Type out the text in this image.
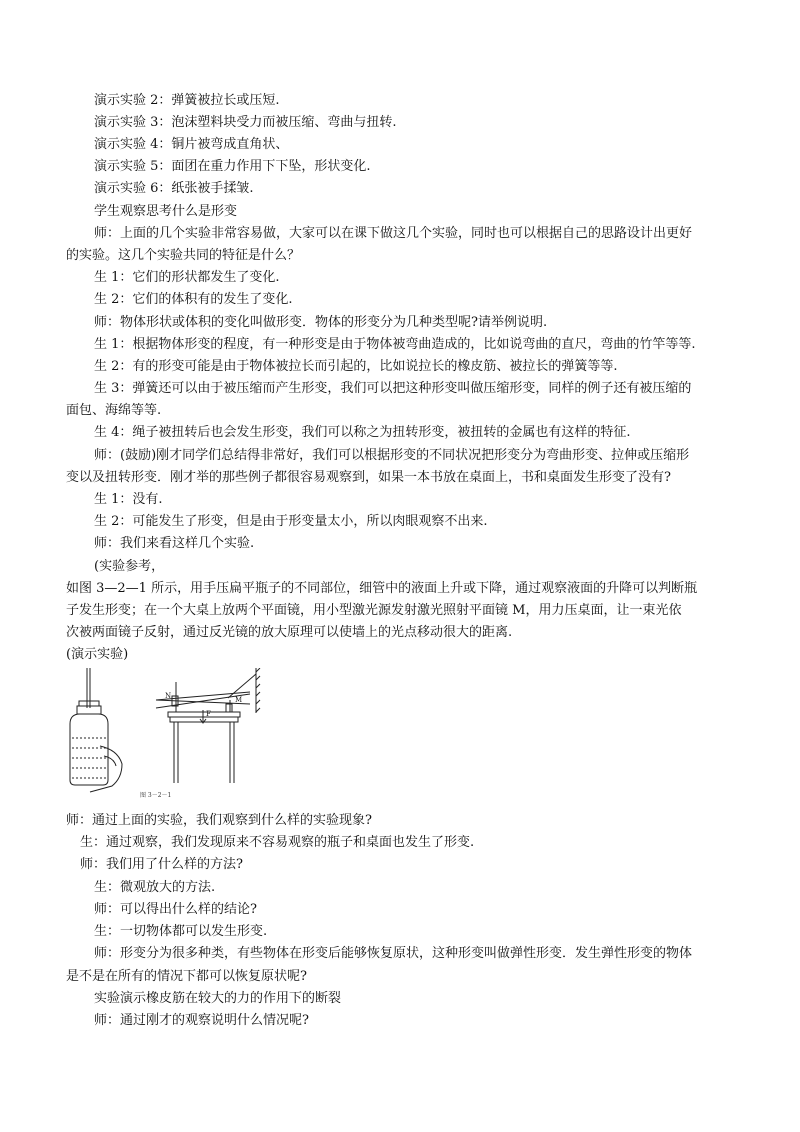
演示实验 2：弹簧被拉长或压短.
演示实验 3：泡沫塑料块受力而被压缩、弯曲与扭转.
演示实验 4：铜片被弯成直角状、
演示实验 5：面团在重力作用下下坠，形状变化.
演示实验 6：纸张被手揉皱.
学生观察思考什么是形变
师：上面的几个实验非常容易做，大家可以在课下做这几个实验，同时也可以根据自己的思路设计出更好
的实验。这几个实验共同的特征是什么？
生 1：它们的形状都发生了变化.
生 2：它们的体积有的发生了变化.
师：物体形状或体积的变化叫做形变．物体的形变分为几种类型呢?请举例说明.
生 1：根据物体形变的程度，有一种形变是由于物体被弯曲造成的，比如说弯曲的直尺，弯曲的竹竿等等.
生 2：有的形变可能是由于物体被拉长而引起的，比如说拉长的橡皮筋、被拉长的弹簧等等.
生 3：弹簧还可以由于被压缩而产生形变，我们可以把这种形变叫做压缩形变，同样的例子还有被压缩的
面包、海绵等等.
生 4：绳子被扭转后也会发生形变，我们可以称之为扭转形变，被扭转的金属也有这样的特征.
师：(鼓励)刚才同学们总结得非常好，我们可以根据形变的不同状况把形变分为弯曲形变、拉伸或压缩形
变以及扭转形变．刚才举的那些例子都很容易观察到，如果一本书放在桌面上，书和桌面发生形变了没有?
生 1：没有.
生 2：可能发生了形变，但是由于形变量太小，所以肉眼观察不出来.
师：我们来看这样几个实验.
(实验参考，
如图 3—2—1 所示，用手压扁平瓶子的不同部位，细管中的液面上升或下降，通过观察液面的升降可以判断瓶
子发生形变；在一个大桌上放两个平面镜，用小型激光源发射激光照射平面镜 M，用力压桌面，让一束光依
次被两面镜子反射，通过反光镜的放大原理可以使墙上的光点移动很大的距离.
(演示实验)
N	M
F
图 3－2－1
师：通过上面的实验，我们观察到什么样的实验现象?
生：通过观察，我们发现原来不容易观察的瓶子和桌面也发生了形变.
师：我们用了什么样的方法?
生：微观放大的方法.
师：可以得出什么样的结论?
生：一切物体都可以发生形变.
师：形变分为很多种类，有些物体在形变后能够恢复原状，这种形变叫做弹性形变．发生弹性形变的物体
是不是在所有的情况下都可以恢复原状呢?
实验演示橡皮筋在较大的力的作用下的断裂
师：通过刚才的观察说明什么情况呢?
